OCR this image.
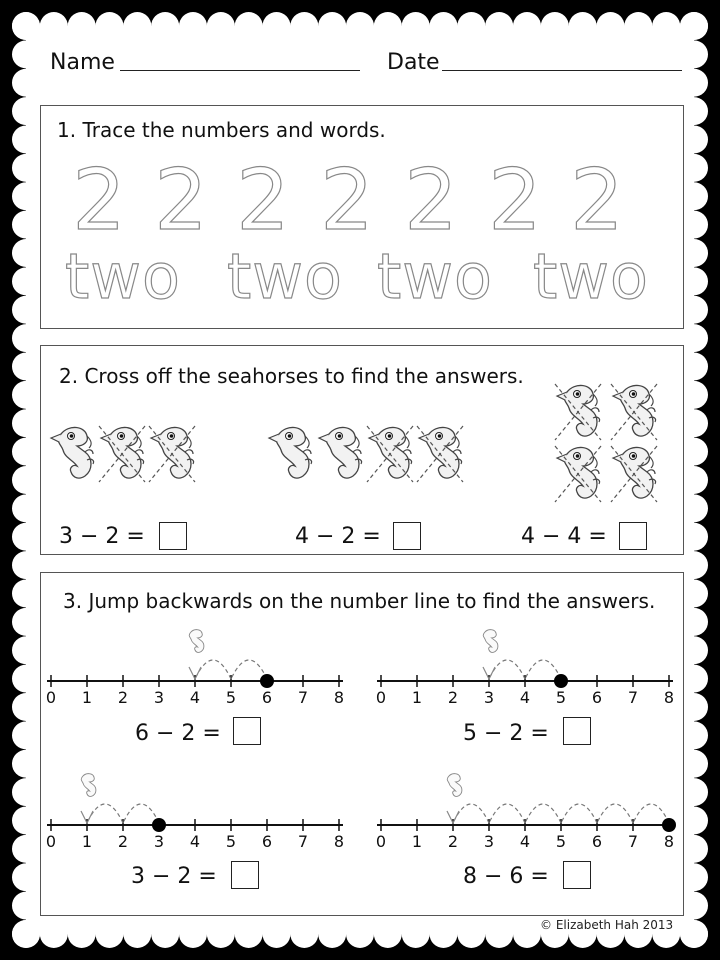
Name	Date
1. Trace the numbers and words.
2 2 2 2 2 2 2
two two two two
2. Cross off the seahorses to find the answers.
3 − 2 =	4 − 2 =	4 − 4 =
3. Jump backwards on the number line to find the answers.
0 1 2 3 4 5 6 7 8 0 1 2 3 4 5 6 7 8
0 1 2 3 4 5 6 7 8 0 1 2 3 4 5 6 7 8
6 − 2 =	5 − 2 =
3 − 2 =	8 − 6 =
© Elizabeth Hah 2013
